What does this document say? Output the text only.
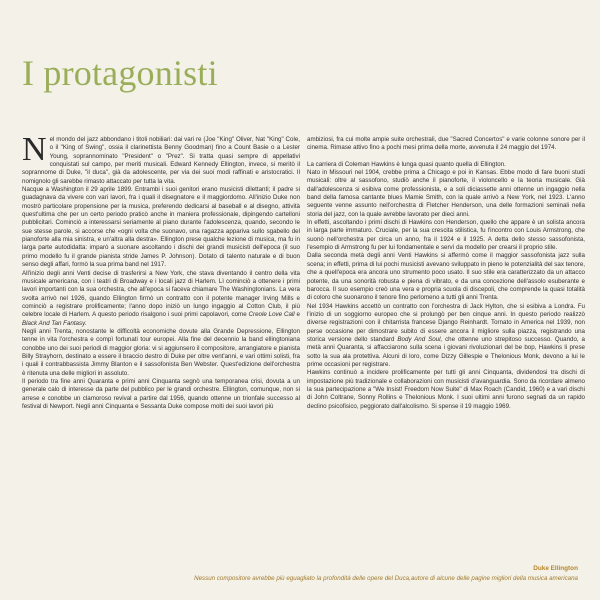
I protagonisti

Nel mondo del jazz abbondano i titoli nobiliari: dai vari re (Joe "King" Oliver, Nat "King" Cole, o il "King of Swing", ossia il clarinettista Benny Goodman) fino a Count Basie o a Lester Young, soprannominato "President" o "Prez". Si tratta quasi sempre di appellativi conquistati sul campo, per meriti musicali. Edward Kennedy Ellington, invece, si meritò il soprannome di Duke, "il duca", già da adolescente, per via dei suoi modi raffinati e aristocratici. Il nomignolo gli sarebbe rimasto attaccato per tutta la vita.

Nacque a Washington il 29 aprile 1899. Entrambi i suoi genitori erano musicisti dilettanti; il padre si guadagnava da vivere con vari lavori, fra i quali il disegnatore e il maggiordomo. All'inizio Duke non mostrò particolare propensione per la musica, preferendo dedicarsi al baseball e al disegno, attività quest'ultima che per un certo periodo praticò anche in maniera professionale, dipingendo cartelloni pubblicitari. Cominciò a interessarsi seriamente al piano durante l'adolescenza, quando, secondo le sue stesse parole, si accorse che «ogni volta che suonavo, una ragazza appariva sullo sgabello del pianoforte alla mia sinistra, e un'altra alla destra». Ellington prese qualche lezione di musica, ma fu in larga parte autodidatta: imparò a suonare ascoltando i dischi dei grandi musicisti dell'epoca (il suo primo modello fu il grande pianista stride James P. Johnson). Dotato di talento naturale e di buon senso degli affari, formò la sua prima band nel 1917.

All'inizio degli anni Venti decise di trasferirsi a New York, che stava diventando il centro della vita musicale americana, con i teatri di Broadway e i locali jazz di Harlem. Lì cominciò a ottenere i primi lavori importanti con la sua orchestra, che all'epoca si faceva chiamare The Washingtonians. La vera svolta arrivò nel 1926, quando Ellington firmò un contratto con il potente manager Irving Mills e cominciò a registrare prolificamente; l'anno dopo iniziò un lungo ingaggio al Cotton Club, il più celebre locale di Harlem. A questo periodo risalgono i suoi primi capolavori, come Creole Love Call e Black And Tan Fantasy.

Negli anni Trenta, nonostante le difficoltà economiche dovute alla Grande Depressione, Ellington tenne in vita l'orchestra e compì fortunati tour europei. Alla fine del decennio la band ellingtoniana conobbe uno dei suoi periodi di maggior gloria: vi si aggiunsero il compositore, arrangiatore e pianista Billy Strayhorn, destinato a essere il braccio destro di Duke per oltre vent'anni, e vari ottimi solisti, fra i quali il contrabbassista Jimmy Blanton e il sassofonista Ben Webster. Quest'edizione dell'orchestra è ritenuta una delle migliori in assoluto.

Il periodo tra fine anni Quaranta e primi anni Cinquanta segnò una temporanea crisi, dovuta a un generale calo di interesse da parte del pubblico per le grandi orchestre. Ellington, comunque, non si arrese e conobbe un clamoroso revival a partire dal 1956, quando ottenne un trionfale successo al festival di Newport. Negli anni Cinquanta e Sessanta Duke compose molti dei suoi lavori più

ambiziosi, fra cui molte ampie suite orchestrali, due "Sacred Concertos" e varie colonne sonore per il cinema. Rimase attivo fino a pochi mesi prima della morte, avvenuta il 24 maggio del 1974.

La carriera di Coleman Hawkins è lunga quasi quanto quella di Ellington.

Nato in Missouri nel 1904, crebbe prima a Chicago e poi in Kansas. Ebbe modo di fare buoni studi musicali: oltre al sassofono, studiò anche il pianoforte, il violoncello e la teoria musicale. Già dall'adolescenza si esibiva come professionista, e a soli diciassette anni ottenne un ingaggio nella band della famosa cantante blues Mamie Smith, con la quale arrivò a New York, nel 1923. L'anno seguente venne assunto nell'orchestra di Fletcher Henderson, una delle formazioni seminali nella storia del jazz, con la quale avrebbe lavorato per dieci anni.

In effetti, ascoltando i primi dischi di Hawkins con Henderson, quello che appare è un solista ancora in larga parte immaturo. Cruciale, per la sua crescita stilistica, fu l'incontro con Louis Armstrong, che suonò nell'orchestra per circa un anno, fra il 1924 e il 1925. A detta dello stesso sassofonista, l'esempio di Armstrong fu per lui fondamentale e servì da modello per crearsi il proprio stile.

Dalla seconda metà degli anni Venti Hawkins si affermò come il maggior sassofonista jazz sulla scena; in effetti, prima di lui pochi musicisti avevano sviluppato in pieno le potenzialità del sax tenore, che a quell'epoca era ancora uno strumento poco usato. Il suo stile era caratterizzato da un attacco potente, da una sonorità robusta e piena di vibrato, e da una concezione dell'assolo esuberante e barocca. Il suo esempio creò una vera e propria scuola di discepoli, che comprende la quasi totalità di coloro che suonarono il tenore fino perlomeno a tutti gli anni Trenta.

Nel 1934 Hawkins accettò un contratto con l'orchestra di Jack Hylton, che si esibiva a Londra. Fu l'inizio di un soggiorno europeo che si prolungò per ben cinque anni. In questo periodo realizzò diverse registrazioni con il chitarrista francese Django Reinhardt. Tornato in America nel 1939, non perse occasione per dimostrare subito di essere ancora il migliore sulla piazza, registrando una storica versione dello standard Body And Soul, che ottenne uno strepitoso successo. Quando, a metà anni Quaranta, si affacciarono sulla scena i giovani rivoluzionari del be bop, Hawkins li prese sotto la sua ala protettiva. Alcuni di loro, come Dizzy Gillespie e Thelonious Monk, devono a lui le prime occasioni per registrare.

Hawkins continuò a incidere prolificamente per tutti gli anni Cinquanta, dividendosi tra dischi di impostazione più tradizionale e collaborazioni con musicisti d'avanguardia. Sono da ricordare almeno la sua partecipazione a "We Insist! Freedom Now Suite" di Max Roach (Candid, 1960) e a vari dischi di John Coltrane, Sonny Rollins e Thelonious Monk. I suoi ultimi anni furono segnati da un rapido declino psicofisico, peggiorato dall'alcolismo. Si spense il 19 maggio 1969.

Duke Ellington
Nessun compositore avrebbe più eguagliato la profondità delle opere del Duca,autore di alcune delle pagine migliori della musica americana
